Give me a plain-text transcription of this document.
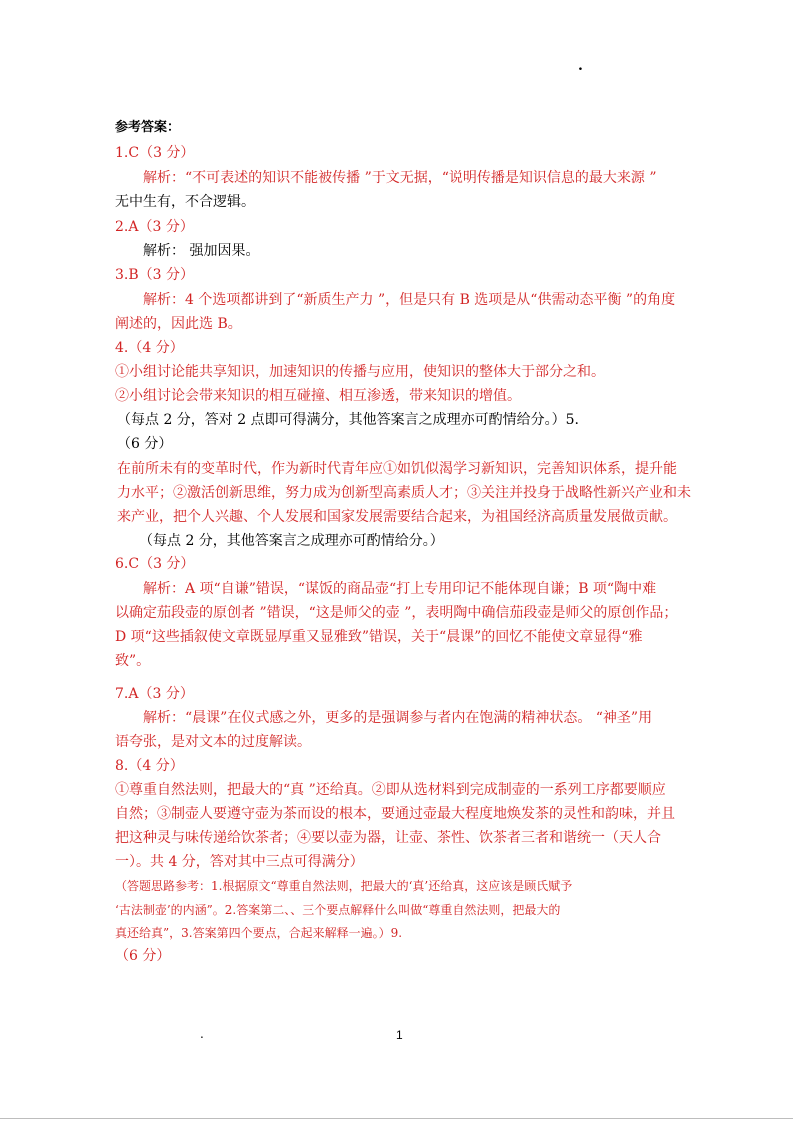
.
参考答案：
1.C（3 分）
解析：“不可表述的知识不能被传播 ”于文无据，“说明传播是知识信息的最大来源 ”
无中生有，不合逻辑。
2.A（3 分）
解析： 强加因果。
3.B（3 分）
解析：4 个选项都讲到了“新质生产力 ”，但是只有 B 选项是从“供需动态平衡 ”的角度
阐述的，因此选 B。
4.（4 分）
①小组讨论能共享知识，加速知识的传播与应用，使知识的整体大于部分之和。
②小组讨论会带来知识的相互碰撞、相互渗透，带来知识的增值。
（每点 2 分，答对 2 点即可得满分，其他答案言之成理亦可酌情给分。）5.
（6 分）
在前所未有的变革时代，作为新时代青年应①如饥似渴学习新知识，完善知识体系，提升能
力水平；②激活创新思维，努力成为创新型高素质人才；③关注并投身于战略性新兴产业和未
来产业，把个人兴趣、个人发展和国家发展需要结合起来，为祖国经济高质量发展做贡献。
（每点 2 分，其他答案言之成理亦可酌情给分。）
6.C（3 分）
解析：A 项“自谦”错误，“谋饭的商品壶“打上专用印记不能体现自谦；B 项“陶中难
以确定茄段壶的原创者 ”错误，“这是师父的壶 ”，表明陶中确信茄段壶是师父的原创作品；
D 项“这些插叙使文章既显厚重又显雅致”错误，关于“晨课”的回忆不能使文章显得“雅
致”。
7.A（3 分）
解析：“晨课”在仪式感之外，更多的是强调参与者内在饱满的精神状态。 “神圣”用
语夸张，是对文本的过度解读。
8.（4 分）
①尊重自然法则，把最大的“真 ”还给真。②即从选材料到完成制壶的一系列工序都要顺应
自然；③制壶人要遵守壶为茶而设的根本，要通过壶最大程度地焕发茶的灵性和韵味，并且
把这种灵与味传递给饮茶者；④要以壶为器，让壶、茶性、饮茶者三者和谐统一（天人合
一）。共 4 分，答对其中三点可得满分）
（答题思路参考：1.根据原文“尊重自然法则，把最大的‘真’还给真，这应该是顾氏赋予
‘古法制壶’的内涵”。2.答案第二、、三个要点解释什么叫做“尊重自然法则，把最大的
真还给真”，3.答案第四个要点，合起来解释一遍。）9.
（6 分）
.	1
